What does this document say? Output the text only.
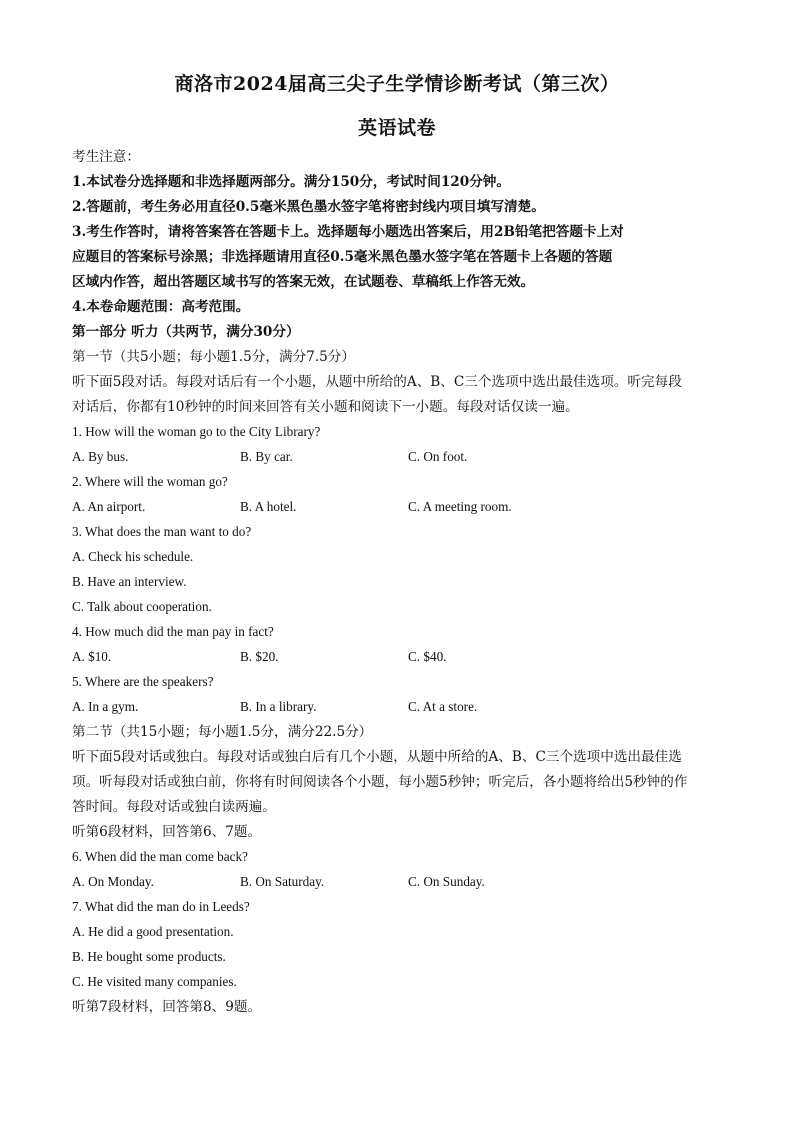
商洛市2024届高三尖子生学情诊断考试（第三次）
英语试卷
考生注意：
1.本试卷分选择题和非选择题两部分。满分150分，考试时间120分钟。
2.答题前，考生务必用直径0.5毫米黑色墨水签字笔将密封线内项目填写清楚。
3.考生作答时，请将答案答在答题卡上。选择题每小题选出答案后，用2B铅笔把答题卡上对
应题目的答案标号涂黑；非选择题请用直径0.5毫米黑色墨水签字笔在答题卡上各题的答题
区域内作答，超出答题区域书写的答案无效，在试题卷、草稿纸上作答无效。
4.本卷命题范围：高考范围。
第一部分 听力（共两节，满分30分）
第一节（共5小题；每小题1.5分，满分7.5分）
听下面5段对话。每段对话后有一个小题，从题中所给的A、B、C三个选项中选出最佳选项。听完每段
对话后，你都有10秒钟的时间来回答有关小题和阅读下一小题。每段对话仅读一遍。
1. How will the woman go to the City Library?
A. By bus.	B. By car.	C. On foot.
2. Where will the woman go?
A. An airport.	B. A hotel.	C. A meeting room.
3. What does the man want to do?
A. Check his schedule.
B. Have an interview.
C. Talk about cooperation.
4. How much did the man pay in fact?
A. $10.	B. $20.	C. $40.
5. Where are the speakers?
A. In a gym.	B. In a library.	C. At a store.
第二节（共15小题；每小题1.5分，满分22.5分）
听下面5段对话或独白。每段对话或独白后有几个小题，从题中所给的A、B、C三个选项中选出最佳选
项。听每段对话或独白前，你将有时间阅读各个小题，每小题5秒钟；听完后，各小题将给出5秒钟的作
答时间。每段对话或独白读两遍。
听第6段材料，回答第6、7题。
6. When did the man come back?
A. On Monday.	B. On Saturday.	C. On Sunday.
7. What did the man do in Leeds?
A. He did a good presentation.
B. He bought some products.
C. He visited many companies.
听第7段材料，回答第8、9题。
